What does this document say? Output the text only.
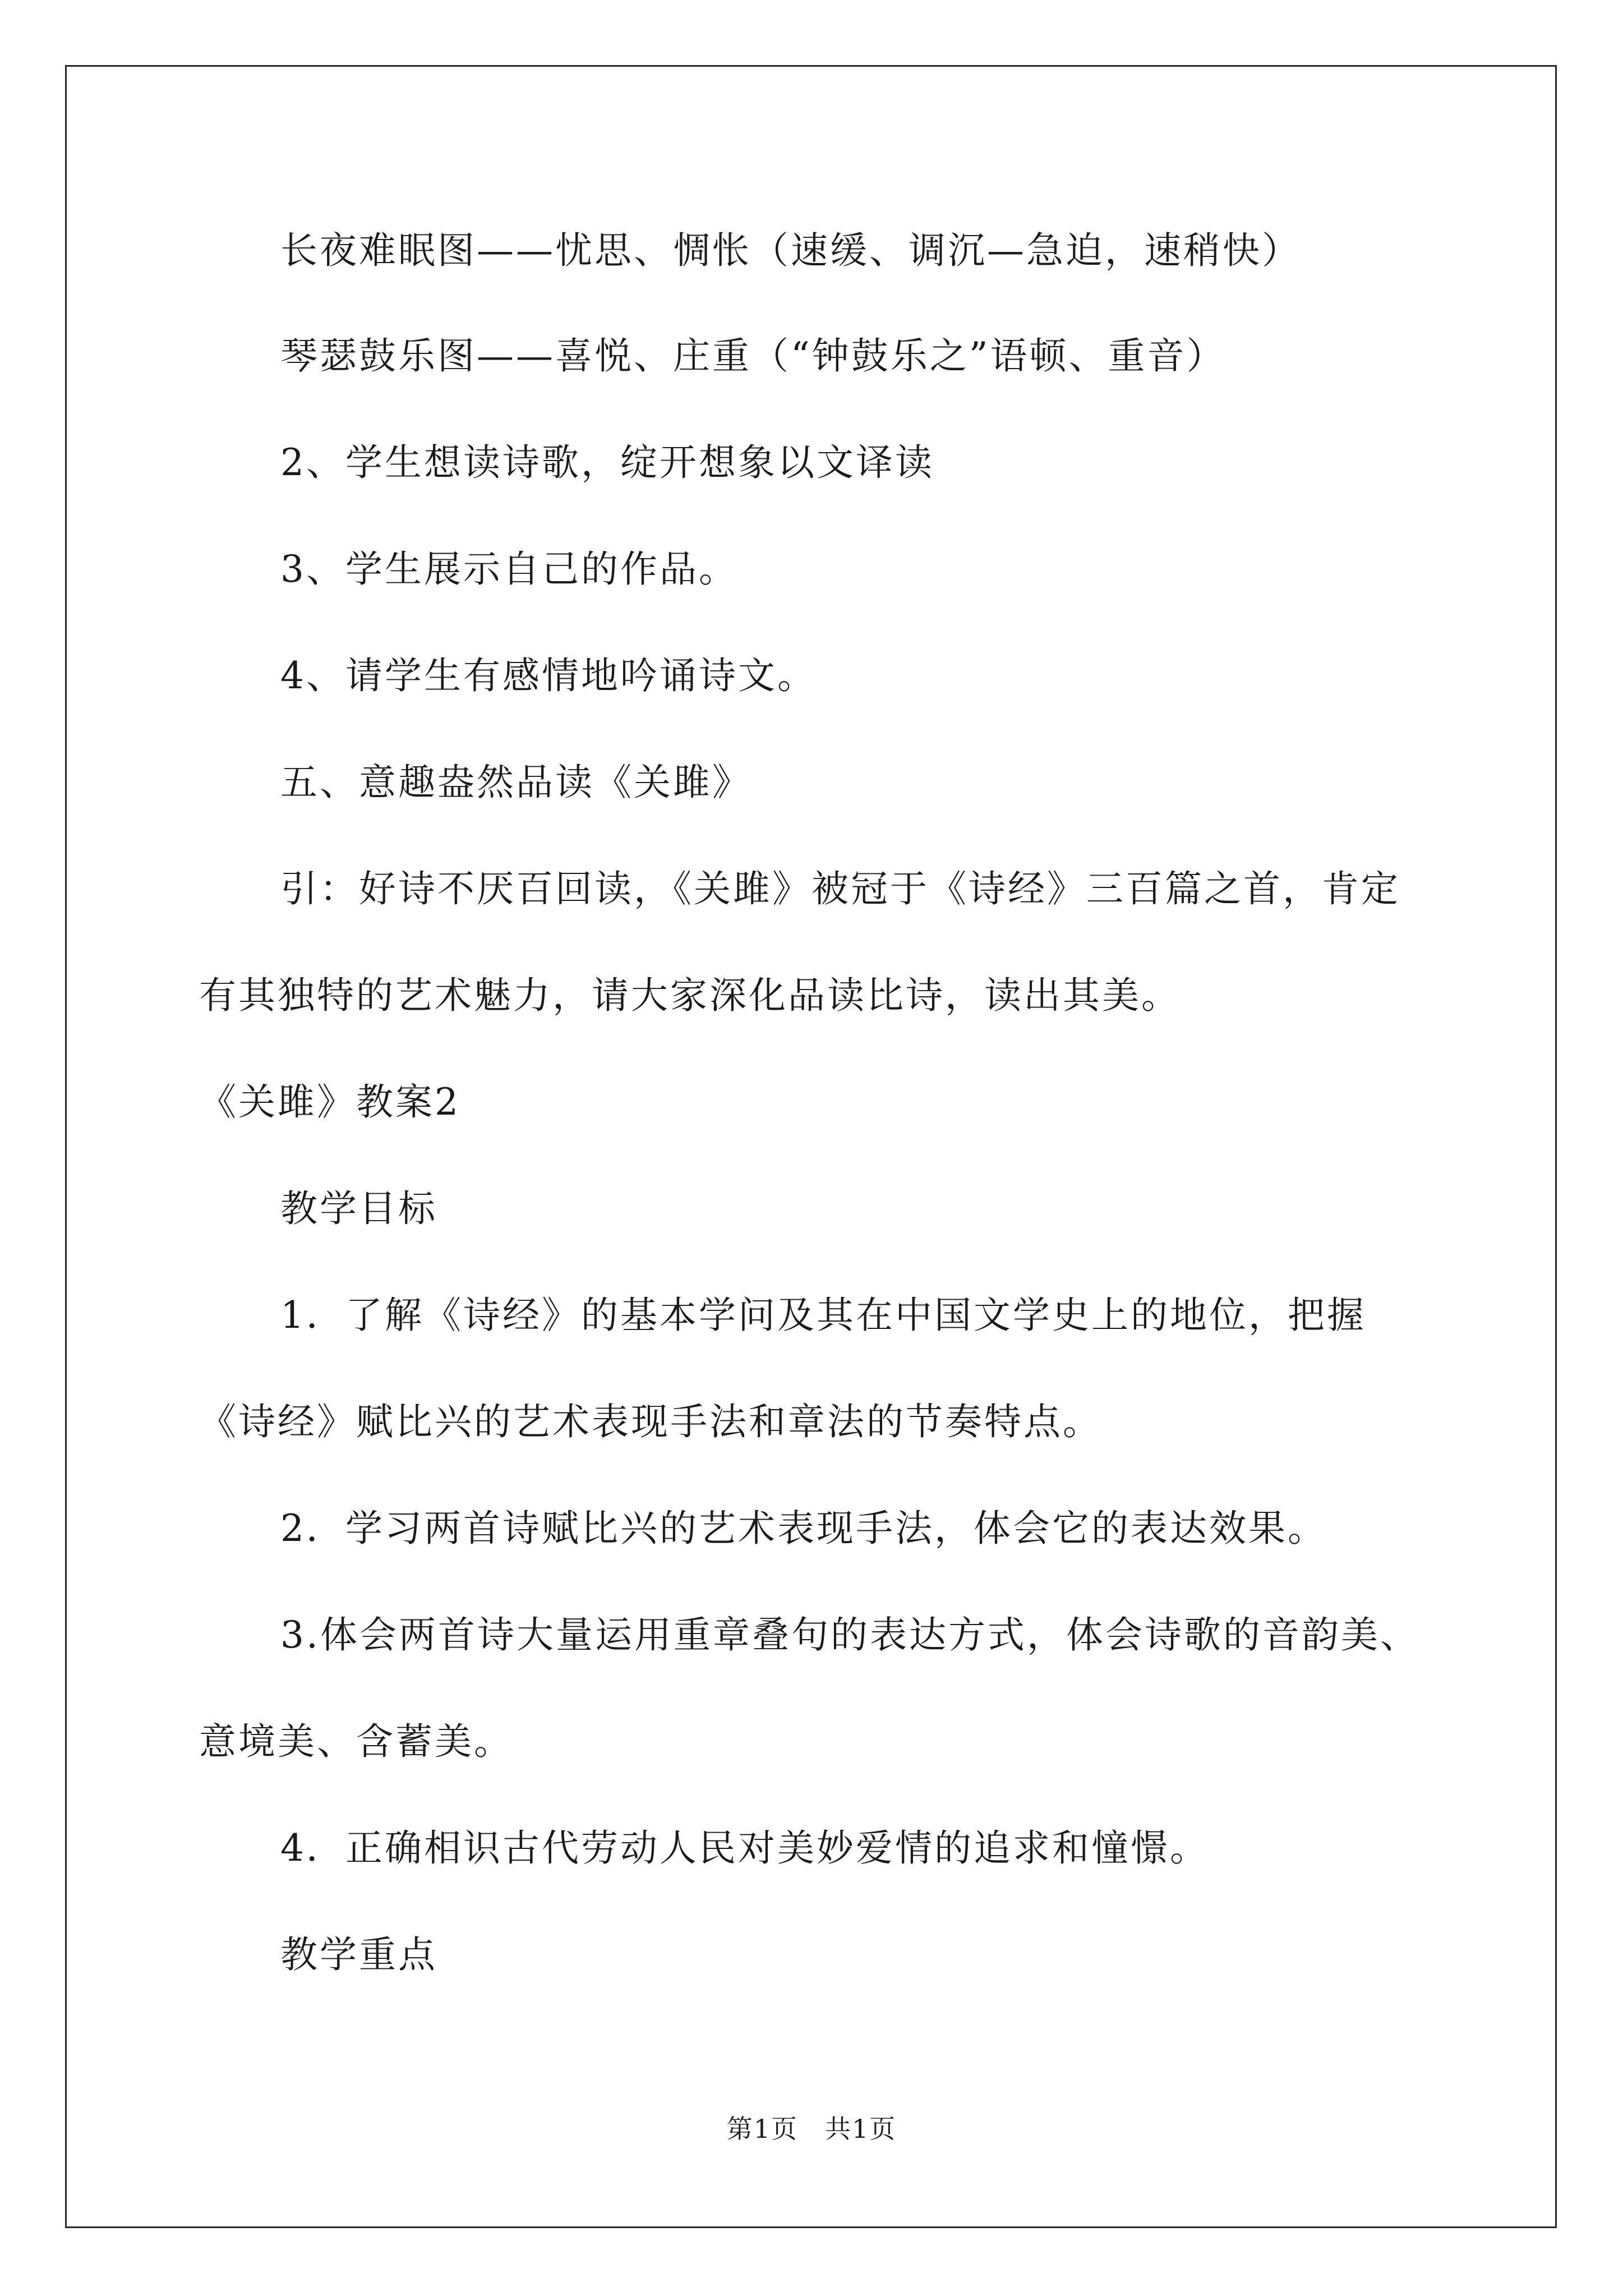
长夜难眠图——忧思、惆怅（速缓、调沉—急迫，速稍快）
琴瑟鼓乐图——喜悦、庄重（“钟鼓乐之”语顿、重音）
2、学生想读诗歌，绽开想象以文译读
3、学生展示自己的作品。
4、请学生有感情地吟诵诗文。
五、意趣盎然品读《关雎》
引：好诗不厌百回读，《关雎》被冠于《诗经》三百篇之首，肯定
有其独特的艺术魅力，请大家深化品读比诗，读出其美。
《关雎》教案2
教学目标
1．了解《诗经》的基本学问及其在中国文学史上的地位，把握
《诗经》赋比兴的艺术表现手法和章法的节奏特点。
2．学习两首诗赋比兴的艺术表现手法，体会它的表达效果。
3.体会两首诗大量运用重章叠句的表达方式，体会诗歌的音韵美、
意境美、含蓄美。
4．正确相识古代劳动人民对美妙爱情的追求和憧憬。
教学重点
第1页　共1页
